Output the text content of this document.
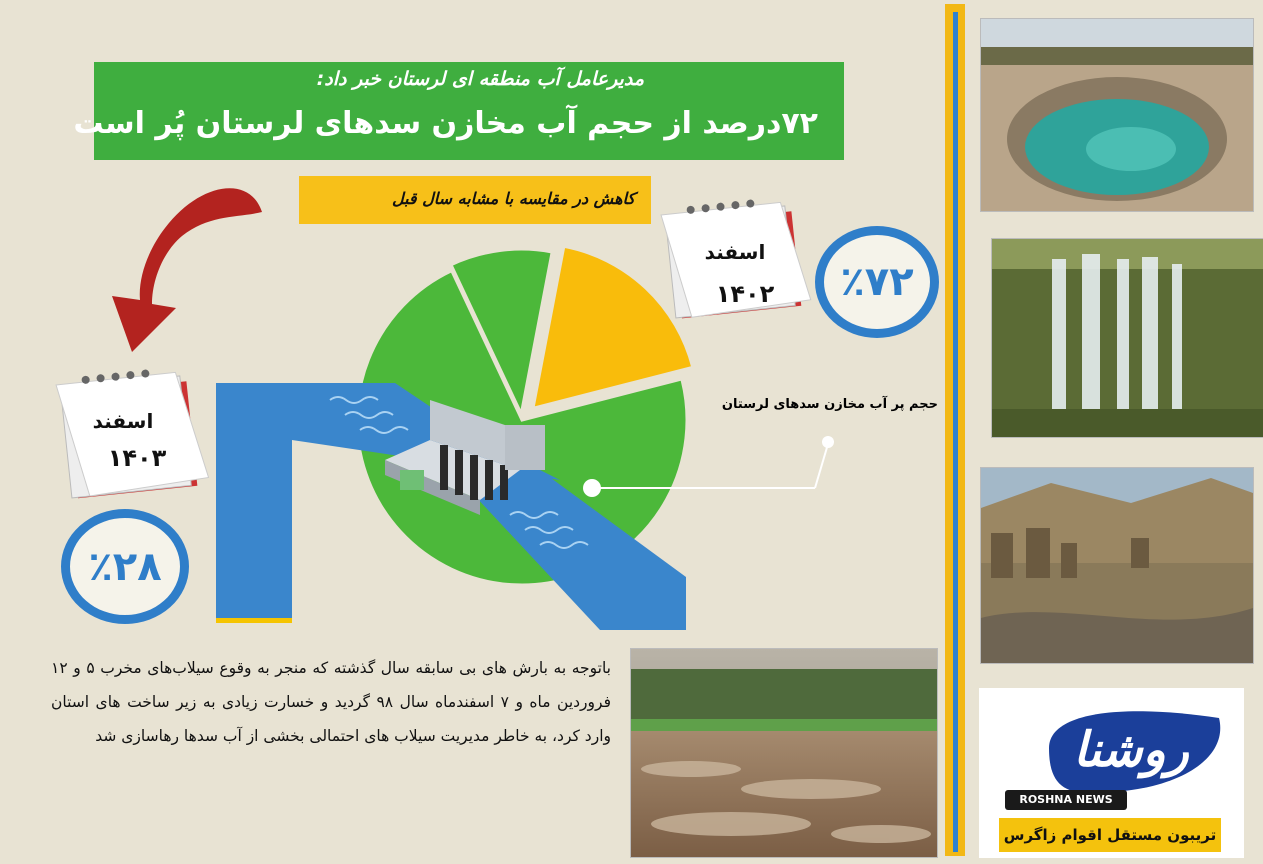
مدیرعامل آب منطقه ای لرستان خبر داد:
۷۲درصد از حجم آب مخازن سدهای لرستان پُر است
کاهش در مقایسه با مشابه سال قبل
اسفند
۱۴۰۲
اسفند
۱۴۰۳
٪۷۲
٪۲۸
حجم پر آب مخازن سدهای لرستان

باتوجه به بارش های بی سابقه سال گذشته که منجر به وقوع سیلاب‌های مخرب ۵ و ۱۲ فروردین ماه و ۷ اسفندماه سال ۹۸ گردید و خسارت زیادی به زیر ساخت های استان وارد کرد، به خاطر مدیریت سیلاب های احتمالی بخشی از آب سدها رهاسازی شد	روشنا
ROSHNA NEWS
تریبون مستقل اقوام زاگرس
